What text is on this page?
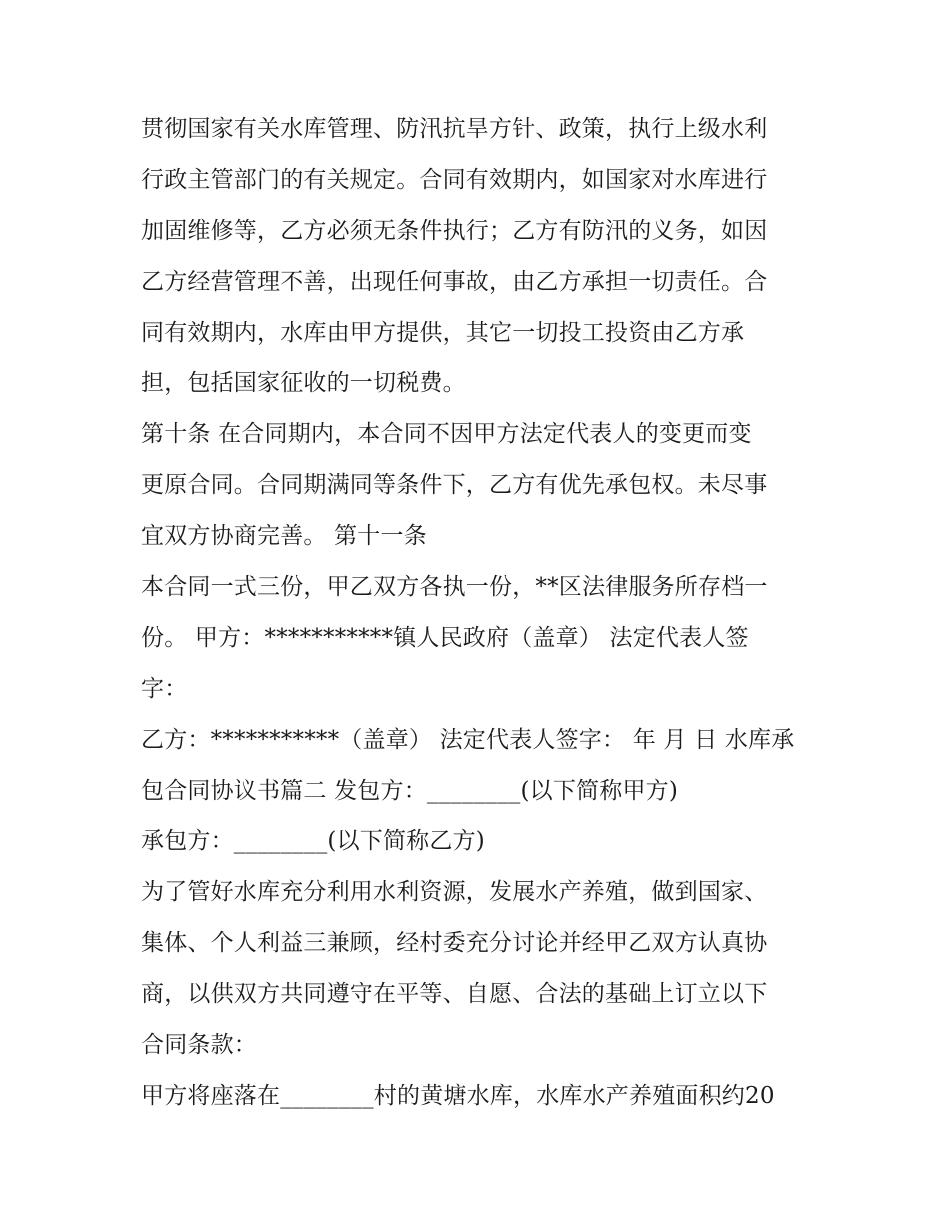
贯彻国家有关水库管理、防汛抗旱方针、政策，执行上级水利
行政主管部门的有关规定。合同有效期内，如国家对水库进行
加固维修等，乙方必须无条件执行；乙方有防汛的义务，如因
乙方经营管理不善，出现任何事故，由乙方承担一切责任。合
同有效期内，水库由甲方提供，其它一切投工投资由乙方承
担，包括国家征收的一切税费。
第十条 在合同期内，本合同不因甲方法定代表人的变更而变
更原合同。合同期满同等条件下，乙方有优先承包权。未尽事
宜双方协商完善。 第十一条
本合同一式三份，甲乙双方各执一份，**区法律服务所存档一
份。 甲方：***********镇人民政府（盖章） 法定代表人签
字：
乙方：***********（盖章） 法定代表人签字： 年 月 日 水库承
包合同协议书篇二 发包方：________(以下简称甲方)
承包方：________(以下简称乙方)
为了管好水库充分利用水利资源，发展水产养殖，做到国家、
集体、个人利益三兼顾，经村委充分讨论并经甲乙双方认真协
商，以供双方共同遵守在平等、自愿、合法的基础上订立以下
合同条款：
甲方将座落在________村的黄塘水库，水库水产养殖面积约20
